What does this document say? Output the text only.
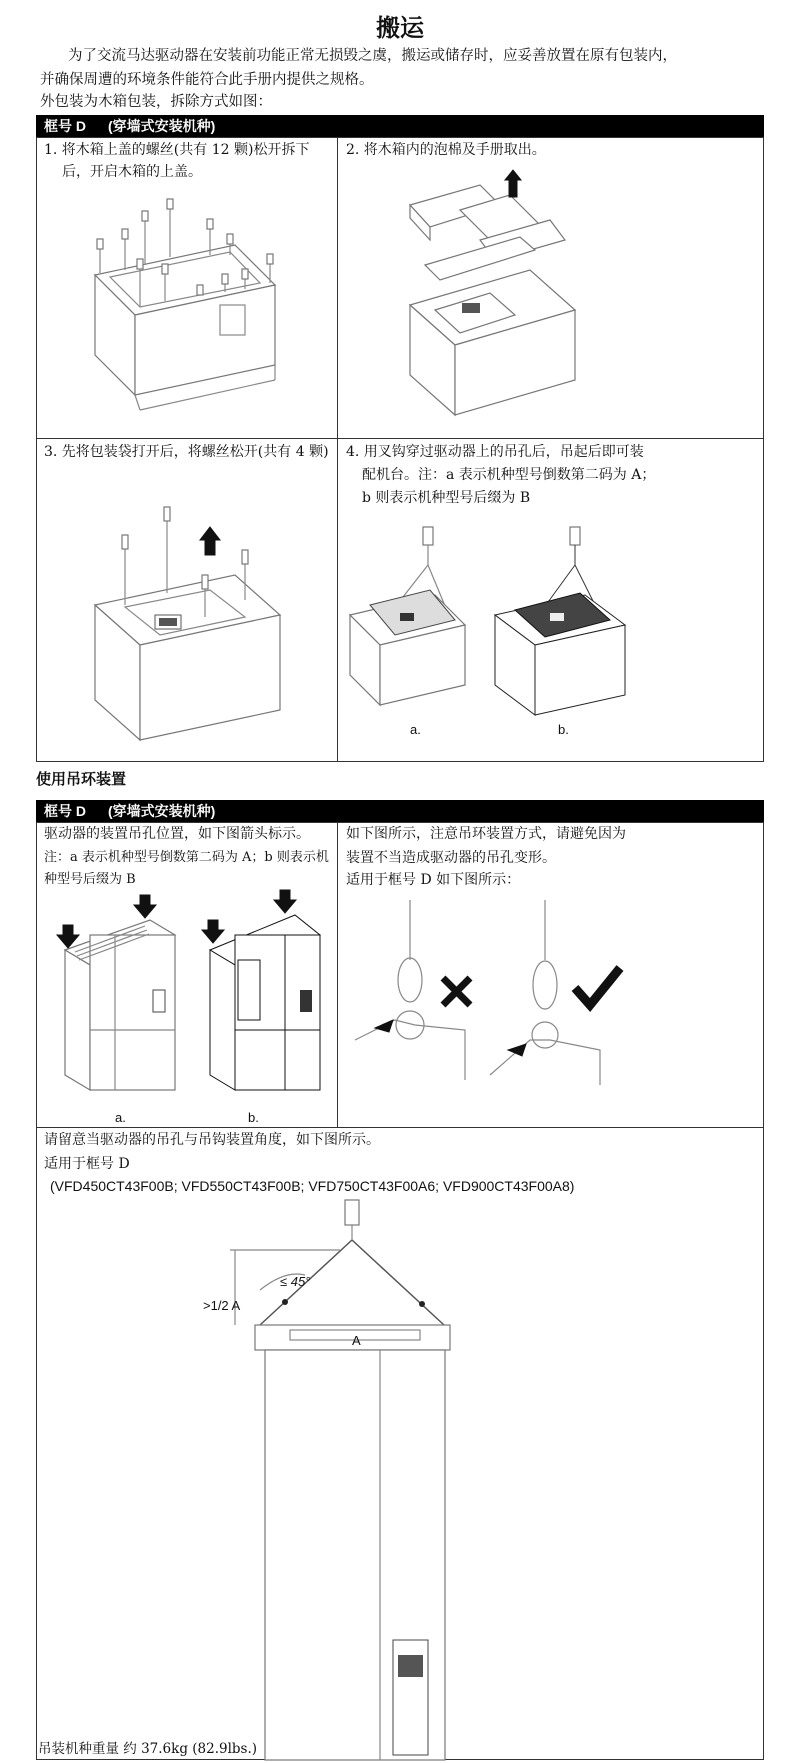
搬运
为了交流马达驱动器在安装前功能正常无损毁之虞，搬运或储存时，应妥善放置在原有包装内，
并确保周遭的环境条件能符合此手册内提供之规格。
外包装为木箱包装，拆除方式如图：
框号 D (穿墙式安装机种)
1. 将木箱上盖的螺丝(共有 12 颗)松开拆下
后，开启木箱的上盖。
2. 将木箱内的泡棉及手册取出。
3. 先将包装袋打开后，将螺丝松开(共有 4 颗) 4. 用叉钩穿过驱动器上的吊孔后，吊起后即可装
配机台。注：a 表示机种型号倒数第二码为 A；
b 则表示机种型号后缀为 B
a.	b.
使用吊环装置
框号 D (穿墙式安装机种)
驱动器的装置吊孔位置，如下图箭头标示。
注：a 表示机种型号倒数第二码为 A；b 则表示机
种型号后缀为 B
如下图所示，注意吊环装置方式，请避免因为
装置不当造成驱动器的吊孔变形。
适用于框号 D 如下图所示：
a.	b.
请留意当驱动器的吊孔与吊钩装置角度，如下图所示。
适用于框号 D
(VFD450CT43F00B; VFD550CT43F00B; VFD750CT43F00A6; VFD900CT43F00A8)
>1/2 A
≤ 45°
A
吊装机种重量 约 37.6kg (82.9lbs.)
